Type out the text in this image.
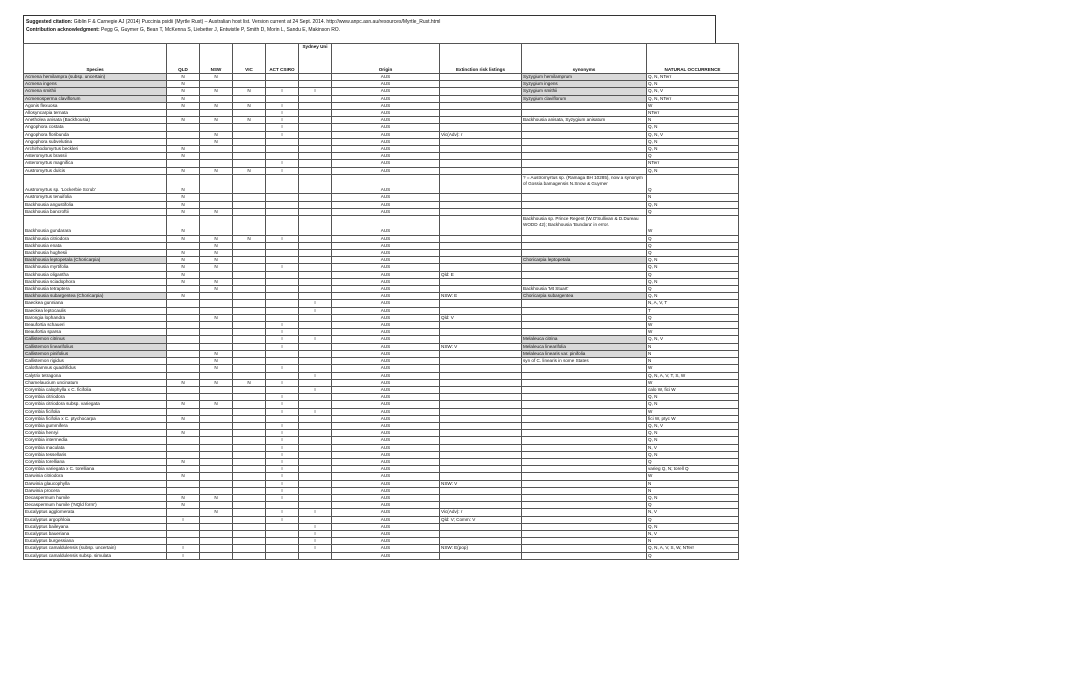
Suggested citation: Giblin F & Carnegie AJ (2014) Puccinia psidii (Myrtle Rust) – Australian host list. Version current at 24 Sept. 2014. http://www.anpc.asn.au/resources/Myrtle_Rust.html
Contribution acknowledgment: Pegg G, Guymer G, Bean T, McKenna S, Liebetter J, Entwistle P, Smith D, Morin L, Sandu E, Makinson RO.
Species	QLD	NSW	VIC	ACT CSIRO	Sydney Uni	Origin	Extinction risk listings	synonyms	NATURAL OCCURRENCE
Acmena hemilampra (subsp. uncertain)	N	N				AUS		Syzygium hemilamprum	Q, N, NTerr
Acmena ingens	N					AUS		Syzygium ingens	Q, N
Acmena smithii	N	N	N	I	I	AUS		Syzygium smithii	Q, N, V
Acmenosperma claviflorum	N					AUS		Syzygium claviflorum	Q, N, NTerr
Agonis flexuosa	N	N	N	I		AUS			W
Allosyncarpia ternata				I		AUS			NTerr
Anetholea anisata (Backhousia)	N	N	N	I		AUS		Backhousia anisata, Syzygium anisatum	N
Angophora costata				I		AUS			Q, N
Angophora floribunda		N		I		AUS	Vic(Adv): r		Q, N, V
Angophora subvelutina		N				AUS			Q, N
Archirhodomyrtus beckleri	N					AUS			Q, N
Asteromyrtus brassii	N					AUS			Q
Asteromyrtus magnifica				I		AUS			NTerr
Austromyrtus dulcis	N	N	N	I		AUS			Q, N
Austromyrtus sp. 'Lockerbie Scrub'	N					AUS		? = Austromyrtus sp. (Ramaga BH 10285), now a synonym of Gossia bamagensis N.Snow & Guymer	Q
Austromyrtus tenuifolia	N					AUS			N
Backhousia angustifolia	N					AUS			Q, N
Backhousia bancroftii	N	N				AUS			Q
Backhousia gundarara	N					AUS		Backhousia sp. Prince Regent (W.O'Sullivan & D.Dureau WODD 42); Backhousia 'Bundara' in error.	W
Backhousia citriodora	N	N	N	I		AUS			Q
Backhousia enata		N				AUS			Q
Backhousia hughesii	N	N				AUS			Q
Backhousia leptopetala (Choricarpia)	N	N				AUS		Choricarpia leptopetala	Q, N
Backhousia myrtifolia	N	N		I		AUS			Q, N
Backhousia oligantha	N					AUS	Qld: E		Q
Backhousia sciadophora	N	N				AUS			Q, N
Backhousia tetraptera		N				AUS		Backhousia 'Mt Stuart'	Q
Backhousia subargentea (Choricarpia)	N					AUS	NSW: E	Choricarpia subargentea	Q, N
Baeckea gunniana					I	AUS			N, A, V, T
Baeckea leptocaulis					I	AUS			T
Barongia lophandra		N				AUS	Qld: V		Q
Beaufortia schaueri				I		AUS			W
Beaufortia sparsa				I		AUS			W
Callistemon citrinus				I	I	AUS		Melaleuca citrina	Q, N, V
Callistemon linearifolius				I		AUS	NSW: V	Melaleuca linearifolia	N
Callistemon pinifolius		N				AUS		Melaleuca linearis var. pinifolia	N
Callistemon rigidus		N				AUS		syn of C. linearis in some States	N
Calothamnus quadrifidus		N		I		AUS			W
Calytrix tetragona					I	AUS			Q, N, A, V, T, S, W
Chamelaucium uncinatum	N	N	N	I		AUS			W
Corymbia calophylla x C. ficifolia					I	AUS			calo W, fici W
Corymbia citriodora				I		AUS			Q, N
Corymbia citriodora subsp. variegata	N	N		I		AUS			Q, N
Corymbia ficifolia				I	I	AUS			W
Corymbia ficifolia x C. ptychocarpa	N					AUS			fici W, ptyc W
Corymbia gummifera				I		AUS			Q, N, V
Corymbia henryi	N			I		AUS			Q, N
Corymbia intermedia				I		AUS			Q, N
Corymbia maculata				I		AUS			N, V
Corymbia tessellaris				I		AUS			Q, N
Corymbia torelliana	N			I		AUS			Q
Corymbia variegata x C. torelliana				I		AUS			varieg Q, N; torell Q
Darwinia citriodora	N			I		AUS			W
Darwinia glaucophylla				I		AUS	NSW: V		N
Darwinia procera				I		AUS			N
Decaspermum humile	N	N		I		AUS			Q, N
Decaspermum humile ('NQld form')	N					AUS			Q
Eucalyptus agglomerata		N		I	I	AUS	Vic(Adv): r		N, V
Eucalyptus argophloia	I			I		AUS	Qld: V; Comm: V		Q
Eucalyptus baileyana					I	AUS			Q, N
Eucalyptus baueriana					I	AUS			N, V
Eucalyptus burgessiana					I	AUS			N
Eucalyptus camaldulensis (subsp. uncertain)	I				I	AUS	NSW: E(pop)		Q, N, A, V, S, W, NTerr
Eucalyptus camaldulensis subsp. simulata	I					AUS			Q
